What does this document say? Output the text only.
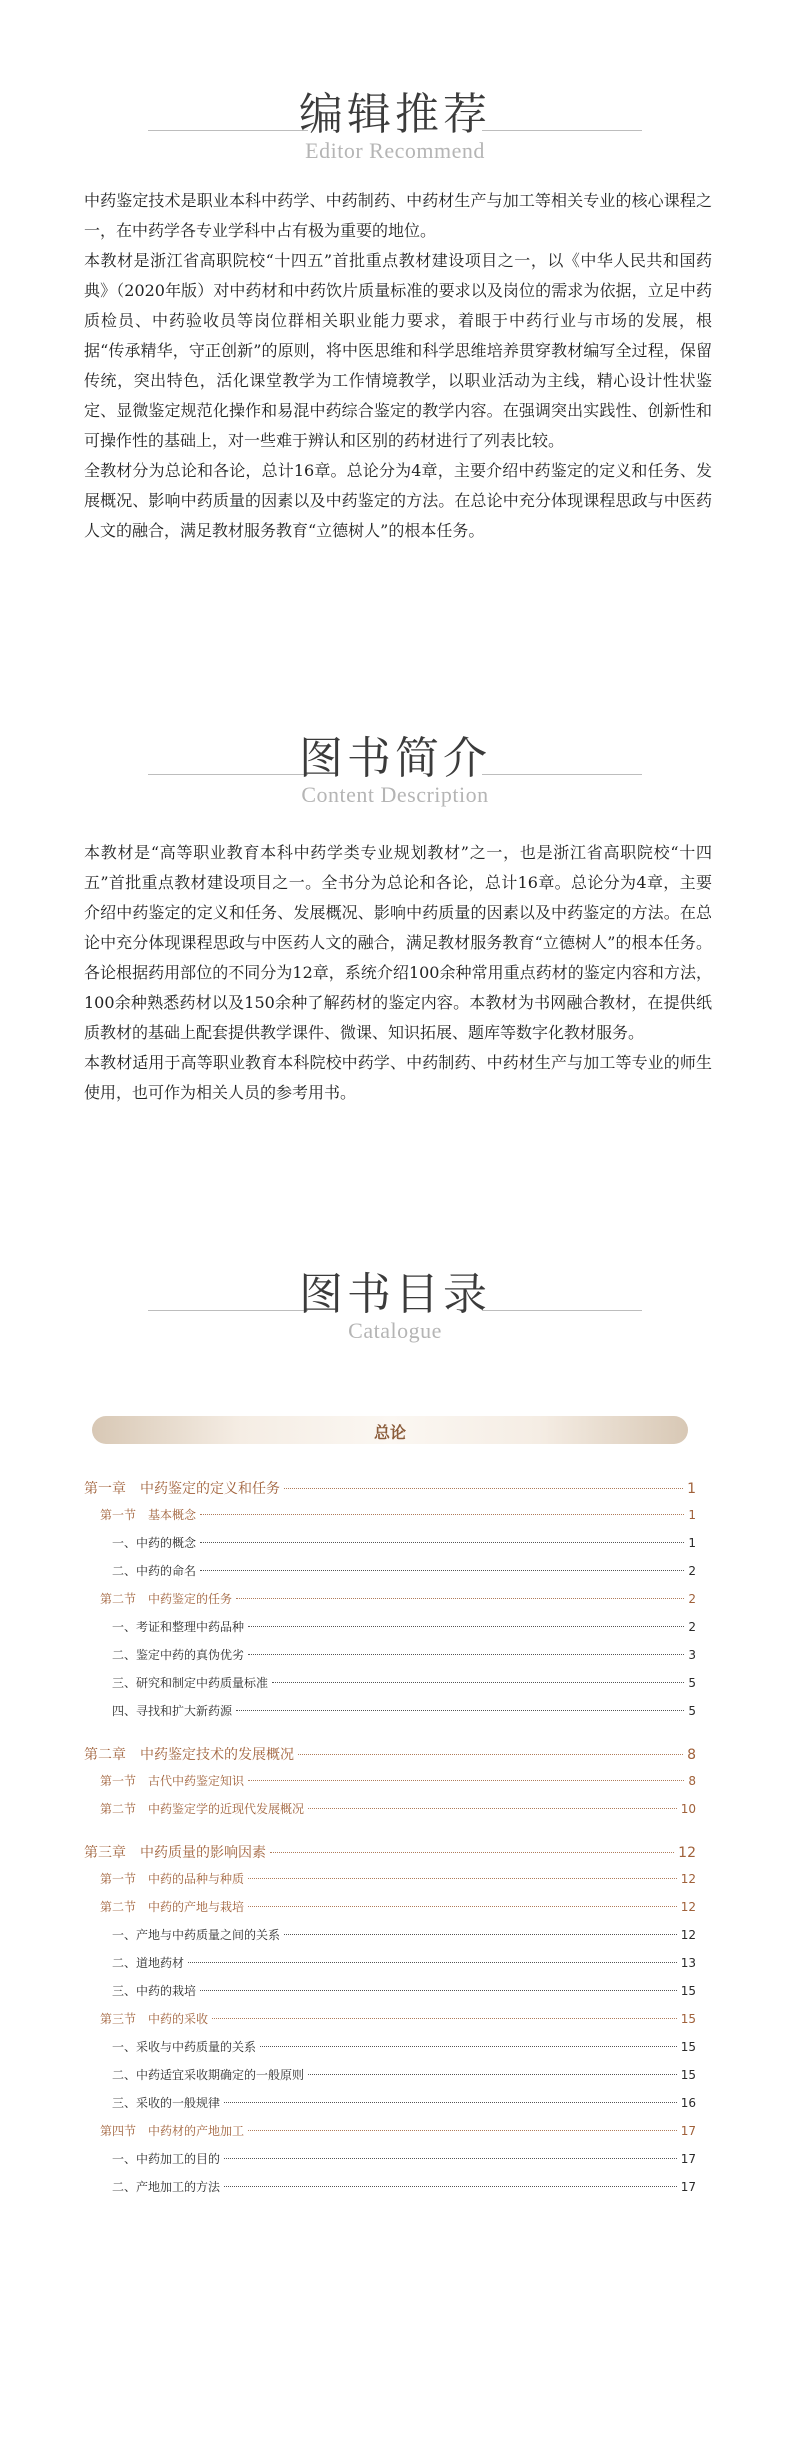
编辑推荐
Editor Recommend

中药鉴定技术是职业本科中药学、中药制药、中药材生产与加工等相关专业的核心课程之一，在中药学各专业学科中占有极为重要的地位。

本教材是浙江省高职院校“十四五”首批重点教材建设项目之一，以《中华人民共和国药典》（2020年版）对中药材和中药饮片质量标准的要求以及岗位的需求为依据，立足中药质检员、中药验收员等岗位群相关职业能力要求，着眼于中药行业与市场的发展，根据“传承精华，守正创新”的原则，将中医思维和科学思维培养贯穿教材编写全过程，保留传统，突出特色，活化课堂教学为工作情境教学，以职业活动为主线，精心设计性状鉴定、显微鉴定规范化操作和易混中药综合鉴定的教学内容。在强调突出实践性、创新性和可操作性的基础上，对一些难于辨认和区别的药材进行了列表比较。

全教材分为总论和各论，总计16章。总论分为4章，主要介绍中药鉴定的定义和任务、发展概况、影响中药质量的因素以及中药鉴定的方法。在总论中充分体现课程思政与中医药人文的融合，满足教材服务教育“立德树人”的根本任务。

图书简介
Content Description

本教材是“高等职业教育本科中药学类专业规划教材”之一，也是浙江省高职院校“十四五”首批重点教材建设项目之一。全书分为总论和各论，总计16章。总论分为4章，主要介绍中药鉴定的定义和任务、发展概况、影响中药质量的因素以及中药鉴定的方法。在总论中充分体现课程思政与中医药人文的融合，满足教材服务教育“立德树人”的根本任务。各论根据药用部位的不同分为12章，系统介绍100余种常用重点药材的鉴定内容和方法，100余种熟悉药材以及150余种了解药材的鉴定内容。本教材为书网融合教材，在提供纸质教材的基础上配套提供教学课件、微课、知识拓展、题库等数字化教材服务。

本教材适用于高等职业教育本科院校中药学、中药制药、中药材生产与加工等专业的师生使用，也可作为相关人员的参考用书。

图书目录
Catalogue
总论
第一章　中药鉴定的定义和任务	1
第一节　基本概念	1
一、中药的概念	1
二、中药的命名	2
第二节　中药鉴定的任务	2
一、考证和整理中药品种	2
二、鉴定中药的真伪优劣	3
三、研究和制定中药质量标准	5
四、寻找和扩大新药源	5
第二章　中药鉴定技术的发展概况	8
第一节　古代中药鉴定知识	8
第二节　中药鉴定学的近现代发展概况	10
第三章　中药质量的影响因素	12
第一节　中药的品种与种质	12
第二节　中药的产地与栽培	12
一、产地与中药质量之间的关系	12
二、道地药材	13
三、中药的栽培	15
第三节　中药的采收	15
一、采收与中药质量的关系	15
二、中药适宜采收期确定的一般原则	15
三、采收的一般规律	16
第四节　中药材的产地加工	17
一、中药加工的目的	17
二、产地加工的方法	17
